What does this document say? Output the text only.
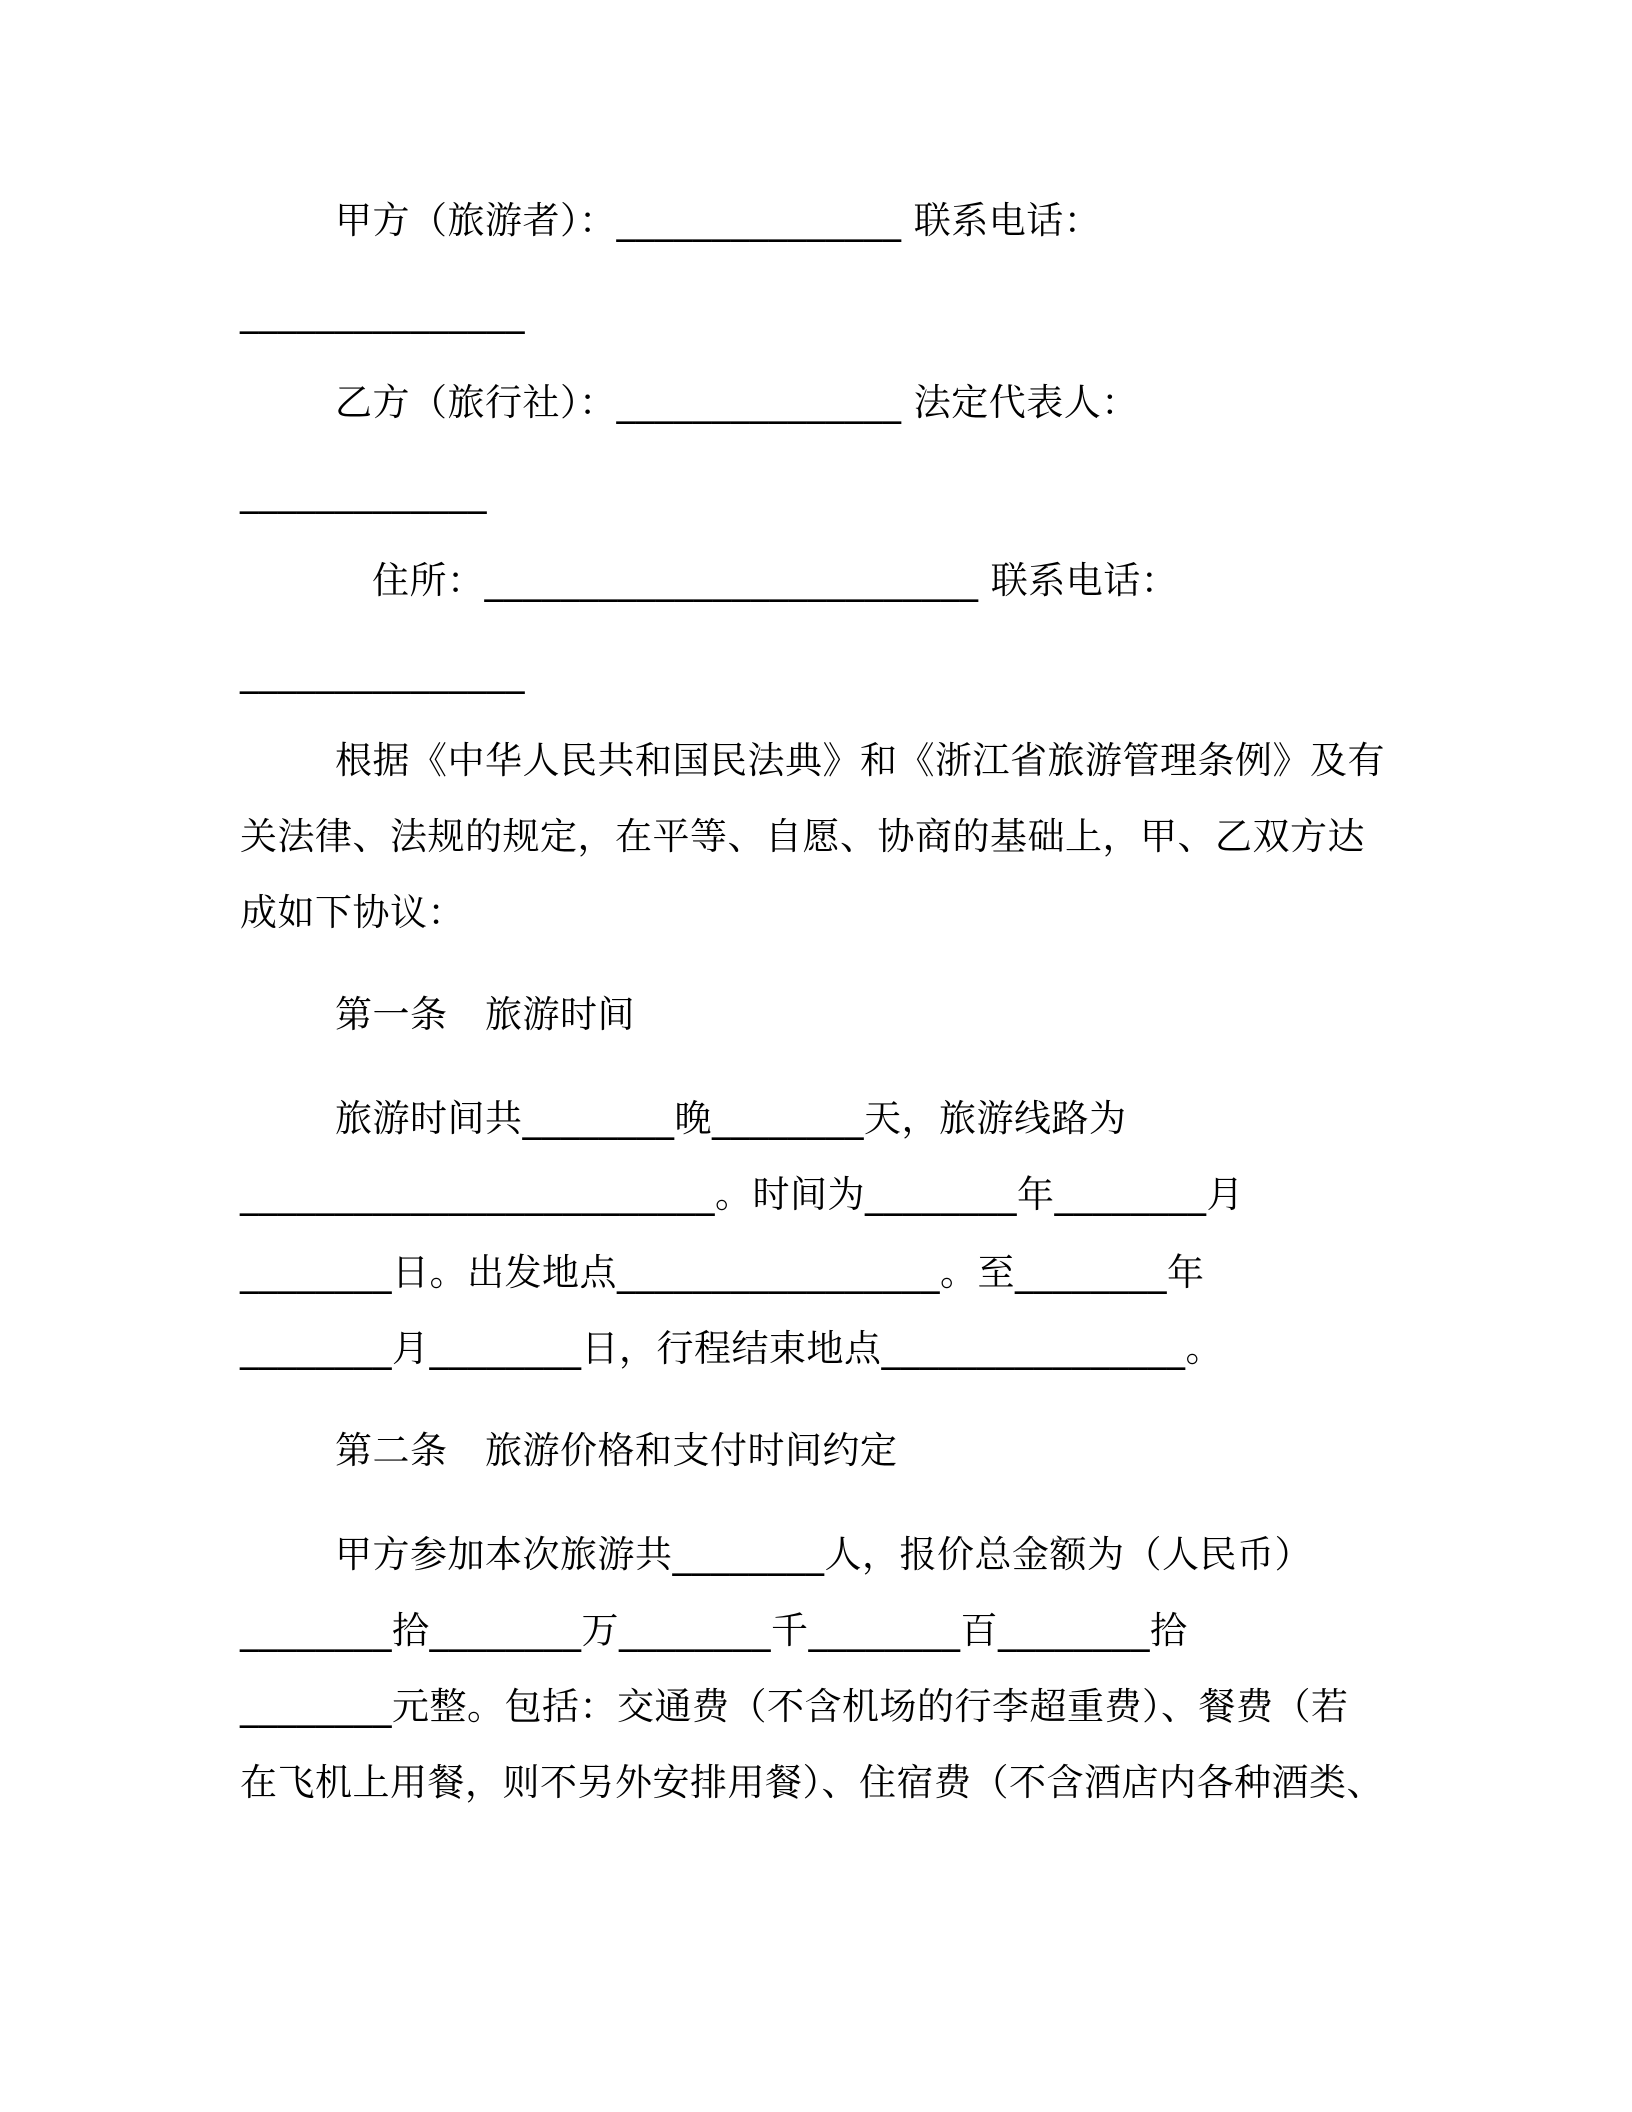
甲方（旅游者）：_______________ 联系电话：
_______________
乙方（旅行社）：_______________ 法定代表人：
_____________
住所：__________________________ 联系电话：
_______________
根据《中华人民共和国民法典》和《浙江省旅游管理条例》及有
关法律、法规的规定，在平等、自愿、协商的基础上，甲、乙双方达
成如下协议：
第一条　旅游时间
旅游时间共________晚________天，旅游线路为
_________________________。时间为________年________月
________日。出发地点_________________。至________年
________月________日，行程结束地点________________。
第二条　旅游价格和支付时间约定
甲方参加本次旅游共________人，报价总金额为（人民币）
________拾________万________千________百________拾
________元整。包括：交通费（不含机场的行李超重费）、餐费（若
在飞机上用餐，则不另外安排用餐）、住宿费（不含酒店内各种酒类、
